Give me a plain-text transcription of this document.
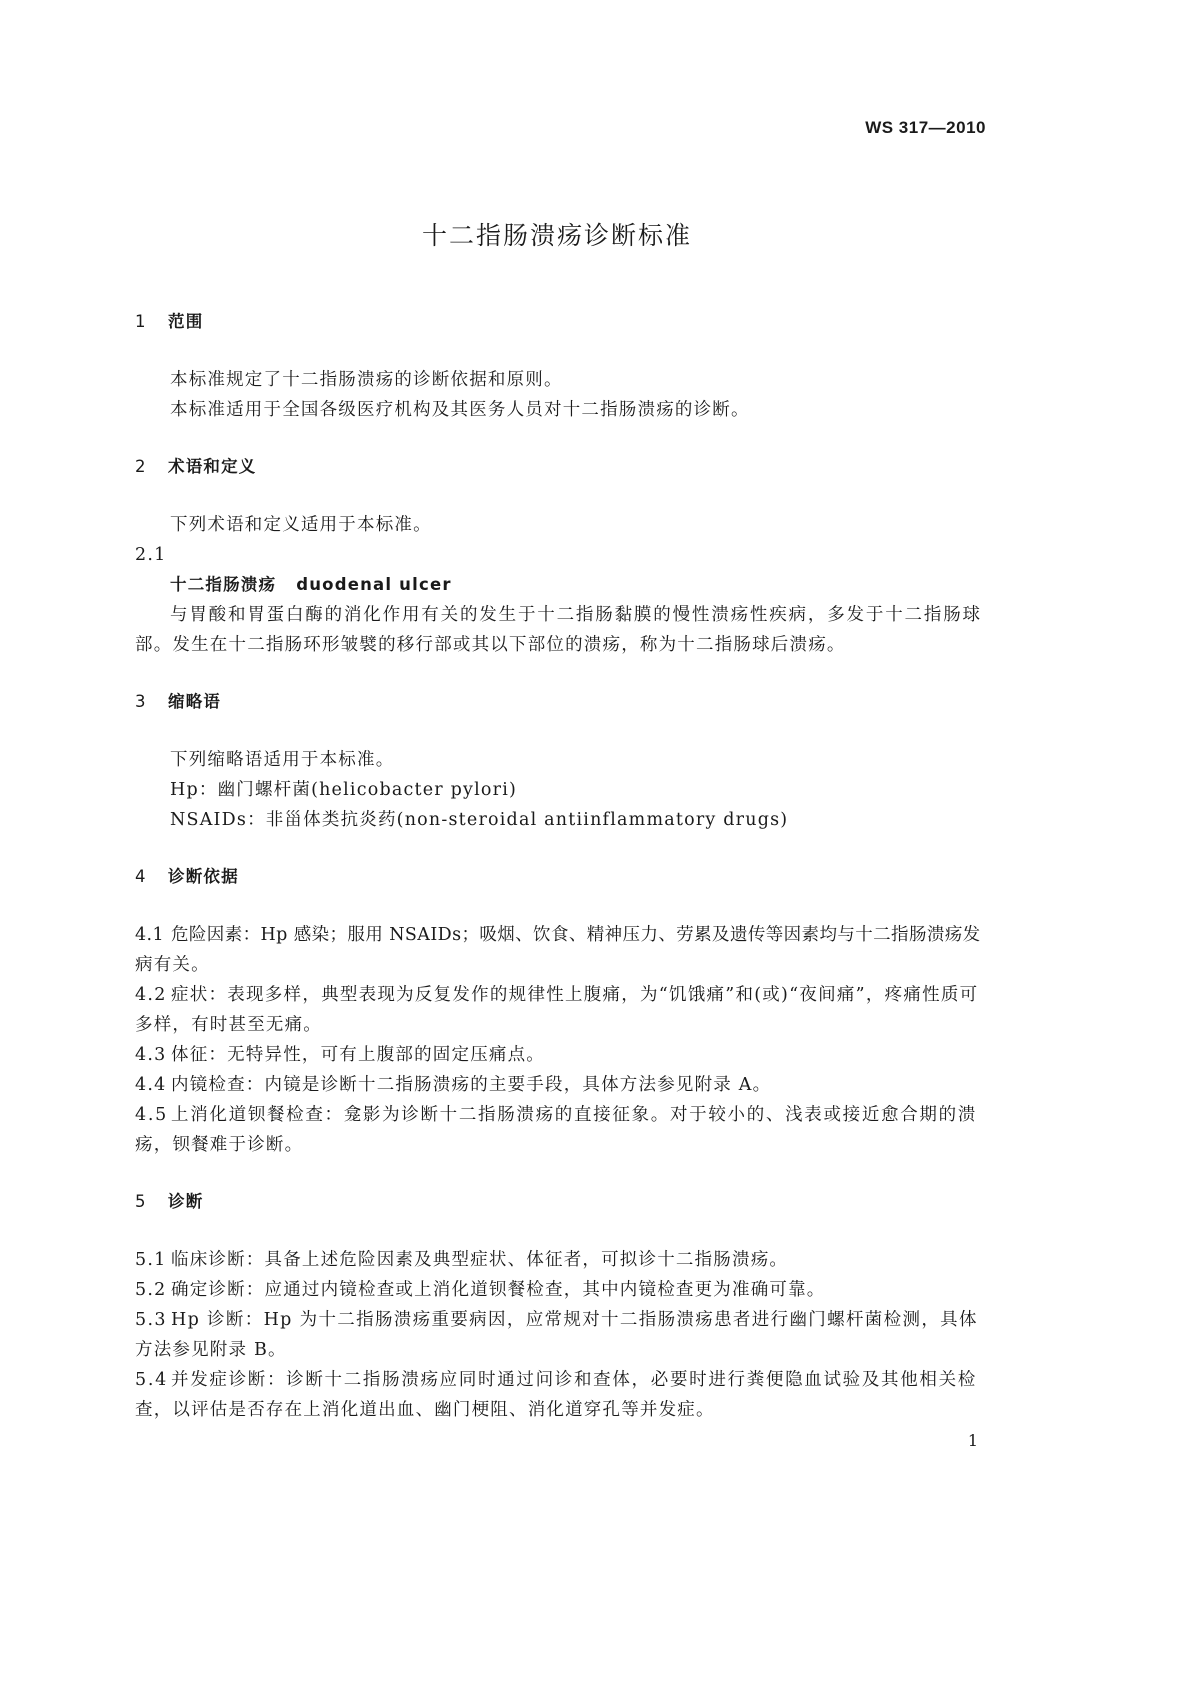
WS 317—2010
十二指肠溃疡诊断标准
1 范围
本标准规定了十二指肠溃疡的诊断依据和原则。
本标准适用于全国各级医疗机构及其医务人员对十二指肠溃疡的诊断。
2 术语和定义
下列术语和定义适用于本标准。
2.1
十二指肠溃疡 duodenal ulcer
与胃酸和胃蛋白酶的消化作用有关的发生于十二指肠黏膜的慢性溃疡性疾病，多发于十二指肠球
部。发生在十二指肠环形皱襞的移行部或其以下部位的溃疡，称为十二指肠球后溃疡。
3 缩略语
下列缩略语适用于本标准。
Hp：幽门螺杆菌(helicobacter pylori)
NSAIDs：非甾体类抗炎药(non-steroidal antiinflammatory drugs)
4 诊断依据
4.1 危险因素：Hp 感染；服用 NSAIDs；吸烟、饮食、精神压力、劳累及遗传等因素均与十二指肠溃疡发
病有关。
4.2 症状：表现多样，典型表现为反复发作的规律性上腹痛，为“饥饿痛”和(或)“夜间痛”，疼痛性质可
多样，有时甚至无痛。
4.3 体征：无特异性，可有上腹部的固定压痛点。
4.4 内镜检查：内镜是诊断十二指肠溃疡的主要手段，具体方法参见附录 A。
4.5 上消化道钡餐检查：龛影为诊断十二指肠溃疡的直接征象。对于较小的、浅表或接近愈合期的溃
疡，钡餐难于诊断。
5 诊断
5.1 临床诊断：具备上述危险因素及典型症状、体征者，可拟诊十二指肠溃疡。
5.2 确定诊断：应通过内镜检查或上消化道钡餐检查，其中内镜检查更为准确可靠。
5.3 Hp 诊断：Hp 为十二指肠溃疡重要病因，应常规对十二指肠溃疡患者进行幽门螺杆菌检测，具体
方法参见附录 B。
5.4 并发症诊断：诊断十二指肠溃疡应同时通过问诊和查体，必要时进行粪便隐血试验及其他相关检
查，以评估是否存在上消化道出血、幽门梗阻、消化道穿孔等并发症。
1
